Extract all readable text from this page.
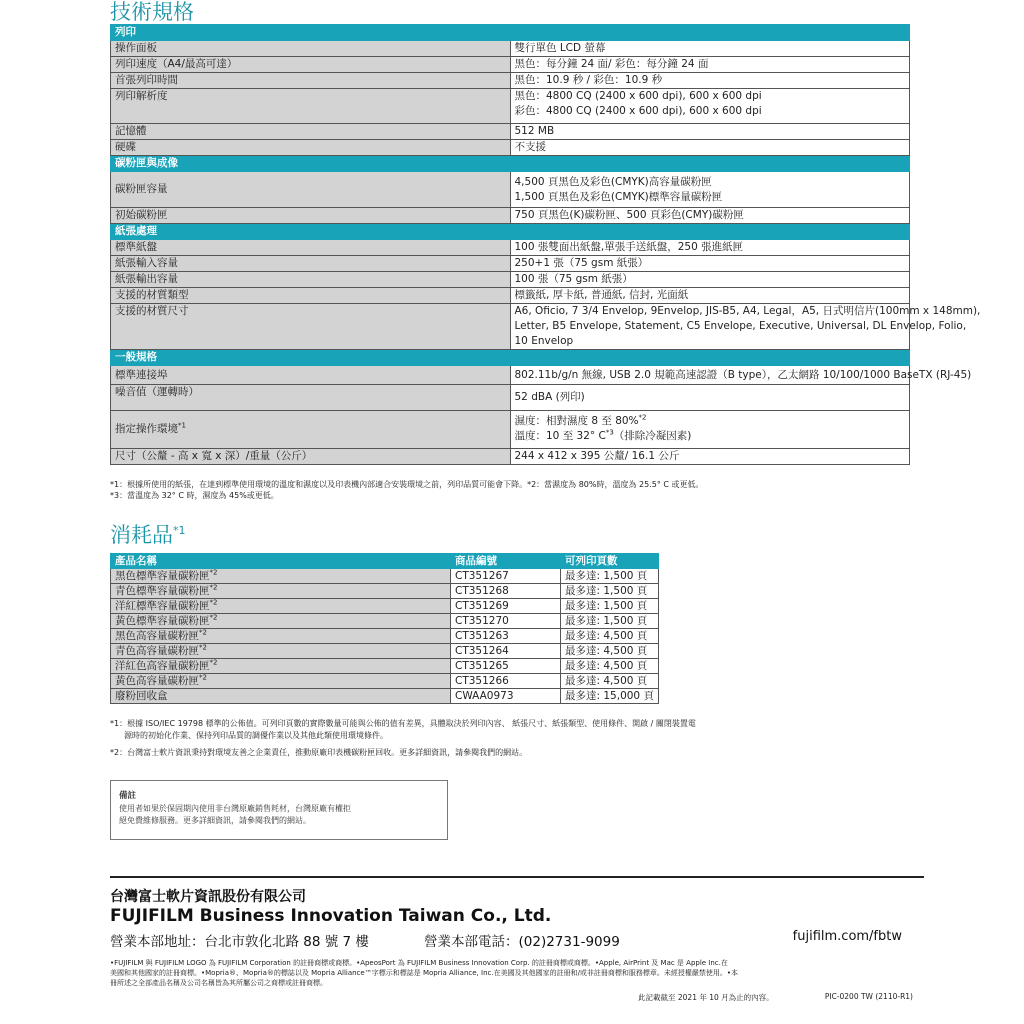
技術規格
列印	
操作面板	雙行單色 LCD 螢幕
列印速度（A4/最高可達）	黑色：每分鐘 24 面/ 彩色：每分鐘 24 面
首張列印時間	黑色：10.9 秒 / 彩色：10.9 秒
列印解析度	黑色：4800 CQ (2400 x 600 dpi), 600 x 600 dpi
彩色：4800 CQ (2400 x 600 dpi), 600 x 600 dpi

記憶體	512 MB
硬碟	不支援
碳粉匣與成像	
碳粉匣容量	4,500 頁黑色及彩色(CMYK)高容量碳粉匣
1,500 頁黑色及彩色(CMYK)標準容量碳粉匣

初始碳粉匣	750 頁黑色(K)碳粉匣、500 頁彩色(CMY)碳粉匣
紙張處理	
標準紙盤	100 張雙面出紙盤,單張手送紙盤，250 張進紙匣
紙張輸入容量	250+1 張（75 gsm 紙張）
紙張輸出容量	100 張（75 gsm 紙張）
支援的材質類型	標籤紙, 厚卡紙, 普通紙, 信封, 光面紙
支援的材質尺寸	A6, Oficio, 7 3/4 Envelop, 9Envelop, JIS-B5, A4, Legal，A5, 日式明信片(100mm x 148mm),
Letter, B5 Envelope, Statement, C5 Envelope, Executive, Universal, DL Envelop, Folio,
10 Envelop

一般規格	
標準連接埠	802.11b/g/n 無線, USB 2.0 規範高速認證（B type），乙太網路 10/100/1000 BaseTX (RJ-45)
噪音值（運轉時）	52 dBA (列印)
指定操作環境$^{*1}$	濕度：相對濕度 8 至 80%$^{*2}$
溫度：10 至 32° $C^{*3}$（排除冷凝因素)

尺寸（公釐 - 高 x 寬 x 深）/重量（公斤）	244 x 412 x 395 公釐/ 16.1 公斤
*1：根據所使用的紙張，在達到標準使用環境的溫度和濕度以及印表機內部適合安裝環境之前，列印品質可能會下降。*2：當濕度為 80%時，溫度為 25.5° C 或更低。
*3：當溫度為 32° C 時，濕度為 45%或更低。
消耗品$^{*1}$
產品名稱	商品編號	可列印頁數
黑色標準容量碳粉匣$^{*2}$	CT351267	最多達: 1,500 頁
青色標準容量碳粉匣$^{*2}$	CT351268	最多達: 1,500 頁
洋紅標準容量碳粉匣$^{*2}$	CT351269	最多達: 1,500 頁
黃色標準容量碳粉匣$^{*2}$	CT351270	最多達: 1,500 頁
黑色高容量碳粉匣$^{*2}$	CT351263	最多達: 4,500 頁
青色高容量碳粉匣$^{*2}$	CT351264	最多達: 4,500 頁
洋紅色高容量碳粉匣$^{*2}$	CT351265	最多達: 4,500 頁
黃色高容量碳粉匣$^{*2}$	CT351266	最多達: 4,500 頁
廢粉回收盒	CWAA0973	最多達: 15,000 頁
*1：根據 ISO/IEC 19798 標準的公佈值。可列印頁數的實際數量可能與公佈的值有差異，具體取決於列印內容、 紙張尺寸、紙張類型、使用條件、開啟 / 關閉裝置電
源時的初始化作業、保持列印品質的調優作業以及其他此類使用環境條件。
*2：台灣富士軟片資訊秉持對環境友善之企業責任，推動原廠印表機碳粉匣回收。更多詳細資訊，請參閱我們的網站。
備註
使用者如果於保固期內使用非台灣原廠銷售耗材，台灣原廠有權拒
絕免費維修服務。更多詳細資訊，請參閱我們的網站。
台灣富士軟片資訊股份有限公司
FUJIFILM Business Innovation Taiwan Co., Ltd.
營業本部地址：台北市敦化北路 88 號 7 樓	營業本部電話：(02)2731-9099	fujifilm.com/fbtw
•FUJIFILM 與 FUJIFILM LOGO 為 FUJIFILM Corporation 的註冊商標或商標。•ApeosPort 為 FUJIFILM Business Innovation Corp. 的註冊商標或商標。•Apple, AirPrint 及 Mac 是 Apple Inc.在
美國和其他國家的註冊商標。•Mopria®、Mopria®的標誌以及 Mopria Alliance™字標示和標誌是 Mopria Alliance, Inc.在美國及其他國家的註冊和/或非註冊商標和服務標章。未經授權嚴禁使用。•本
冊所述之全部產品名稱及公司名稱皆為其所屬公司之商標或註冊商標。
此記載截至 2021 年 10 月為止的內容。	PIC-0200 TW (2110-R1)
